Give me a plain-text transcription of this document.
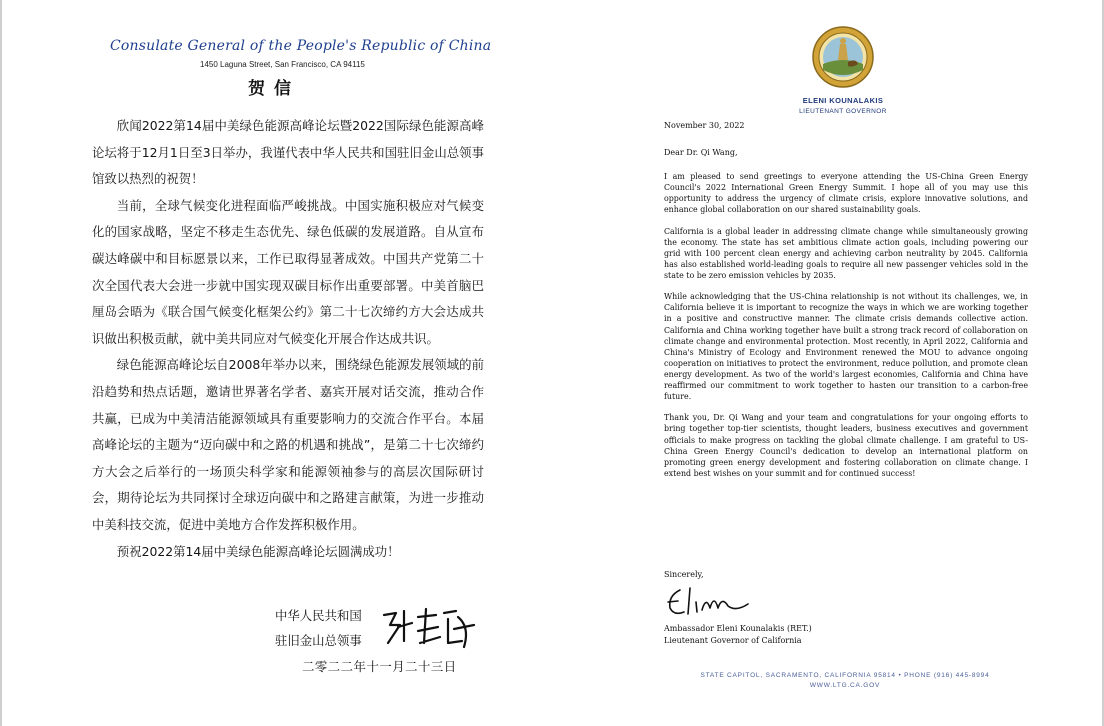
Consulate General of the People's Republic of China
1450 Laguna Street, San Francisco, CA 94115
贺信

欣闻2022第14届中美绿色能源高峰论坛暨2022国际绿色能源高峰论坛将于12月1日至3日举办，我谨代表中华人民共和国驻旧金山总领事馆致以热烈的祝贺！

当前，全球气候变化进程面临严峻挑战。中国实施积极应对气候变化的国家战略，坚定不移走生态优先、绿色低碳的发展道路。自从宣布碳达峰碳中和目标愿景以来，工作已取得显著成效。中国共产党第二十次全国代表大会进一步就中国实现双碳目标作出重要部署。中美首脑巴厘岛会晤为《联合国气候变化框架公约》第二十七次缔约方大会达成共识做出积极贡献，就中美共同应对气候变化开展合作达成共识。

绿色能源高峰论坛自2008年举办以来，围绕绿色能源发展领域的前沿趋势和热点话题，邀请世界著名学者、嘉宾开展对话交流，推动合作共赢，已成为中美清洁能源领域具有重要影响力的交流合作平台。本届高峰论坛的主题为“迈向碳中和之路的机遇和挑战”，是第二十七次缔约方大会之后举行的一场顶尖科学家和能源领袖参与的高层次国际研讨会，期待论坛为共同探讨全球迈向碳中和之路建言献策，为进一步推动中美科技交流，促进中美地方合作发挥积极作用。

预祝2022第14届中美绿色能源高峰论坛圆满成功！

中华人民共和国
驻旧金山总领事
二零二二年十一月二十三日
ELENI KOUNALAKIS
LIEUTENANT GOVERNOR
November 30, 2022
Dear Dr. Qi Wang,

I am pleased to send greetings to everyone attending the US-China Green Energy Council's 2022 International Green Energy Summit. I hope all of you may use this opportunity to address the urgency of climate crisis, explore innovative solutions, and enhance global collaboration on our shared sustainability goals.

California is a global leader in addressing climate change while simultaneously growing the economy. The state has set ambitious climate action goals, including powering our grid with 100 percent clean energy and achieving carbon neutrality by 2045. California has also established world-leading goals to require all new passenger vehicles sold in the state to be zero emission vehicles by 2035.

While acknowledging that the US-China relationship is not without its challenges, we, in California believe it is important to recognize the ways in which we are working together in a positive and constructive manner. The climate crisis demands collective action. California and China working together have built a strong track record of collaboration on climate change and environmental protection. Most recently, in April 2022, California and China's Ministry of Ecology and Environment renewed the MOU to advance ongoing cooperation on initiatives to protect the environment, reduce pollution, and promote clean energy development. As two of the world's largest economies, California and China have reaffirmed our commitment to work together to hasten our transition to a carbon-free future.

Thank you, Dr. Qi Wang and your team and congratulations for your ongoing efforts to bring together top-tier scientists, thought leaders, business executives and government officials to make progress on tackling the global climate challenge. I am grateful to US-China Green Energy Council's dedication to develop an international platform on promoting green energy development and fostering collaboration on climate change. I extend best wishes on your summit and for continued success!

Sincerely,
Ambassador Eleni Kounalakis (RET.)
Lieutenant Governor of California
STATE CAPITOL, SACRAMENTO, CALIFORNIA 95814 • PHONE (916) 445-8994
WWW.LTG.CA.GOV
